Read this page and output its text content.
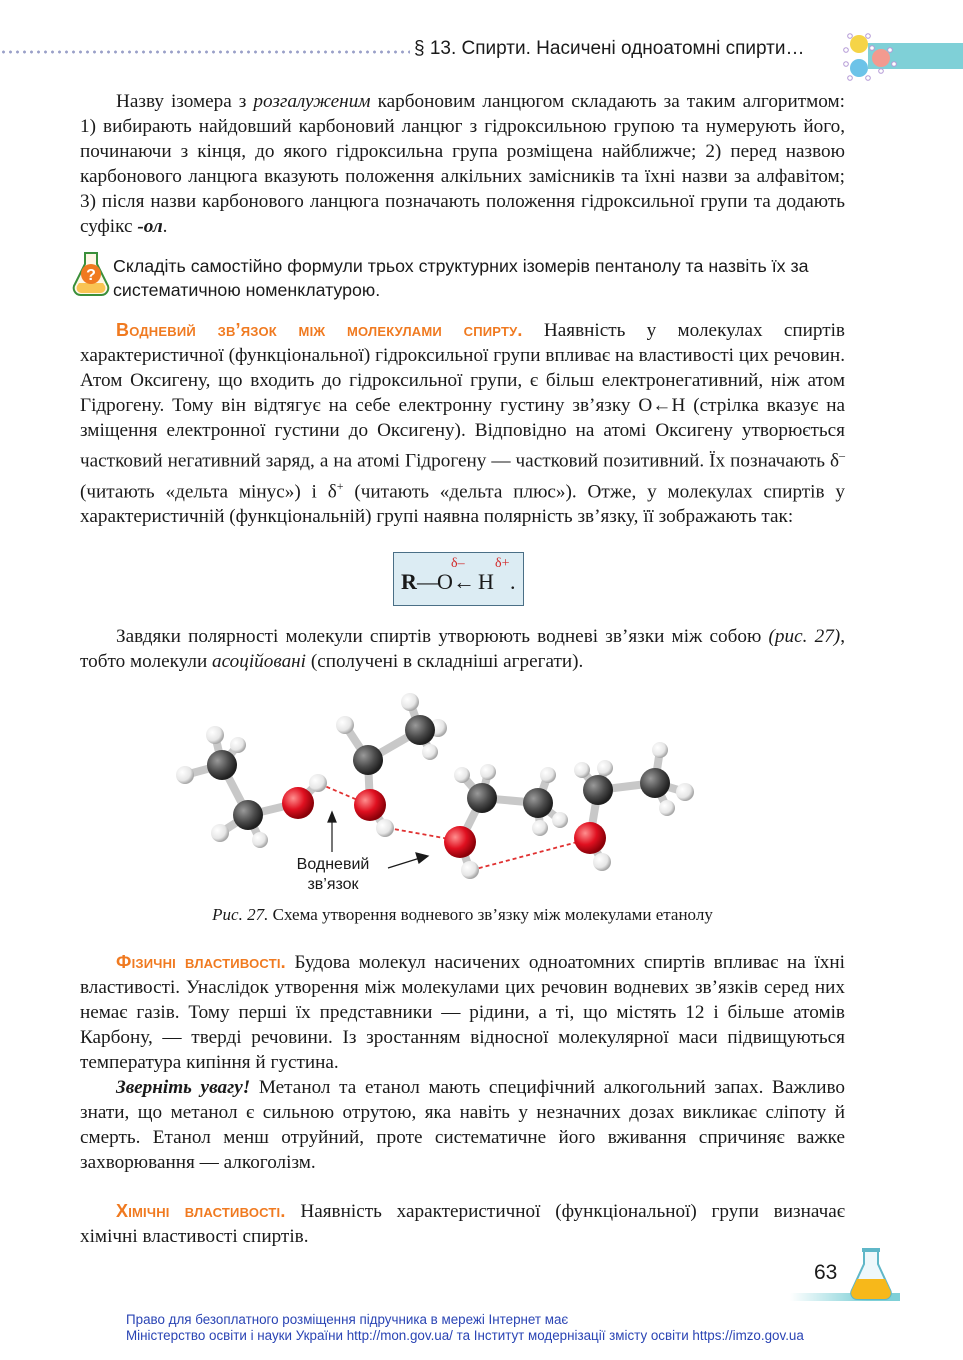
§ 13. Спирти. Насичені одноатомні спирти…

Назву ізомера з розгалуженим карбоновим ланцюгом складають за таким алгоритмом: 1) вибирають найдовший карбоновий ланцюг з гідроксильною групою та нумерують його, починаючи з кінця, до якого гідроксильна група розміщена найближче; 2) перед назвою карбонового ланцюга вказують положення алкільних замісників та їхні назви за алфавітом; 3) після назви карбонового ланцюга позначають положення гідроксильної групи та додають суфікс -ол.

? Складіть самостійно формули трьох структурних ізомерів пентанолу та назвіть їх за систематичною номенклатурою.

Водневий зв’язок між молекулами спирту. Наявність у молекулах спиртів характеристичної (функціональної) гідроксильної групи впливає на властивості цих речовин. Атом Оксигену, що входить до гідроксильної групи, є більш електронегативний, ніж атом Гідрогену. Тому він відтягує на себе електронну густину зв’язку O←H (стрілка вказує на зміщення електронної густини до Оксигену). Відповідно на атомі Оксигену утворюється частковий негативний заряд, а на атомі Гідрогену — частковий позитивний. Їх позначають δ– (читають «дельта мінус») і δ+ (читають «дельта плюс»). Отже, у молекулах спиртів у характеристичній (функціональній) групі наявна полярність зв’язку, її зображають так:

R —
O ← H .
δ– δ+

Завдяки полярності молекули спиртів утворюють водневі зв’язки між собою (рис. 27), тобто молекули асоційовані (сполучені в складніші агрегати).

Водневий
зв’язок

Рис. 27. Схема утворення водневого зв’язку між молекулами етанолу

Фізичні властивості. Будова молекул насичених одноатомних спиртів впливає на їхні властивості. Унаслідок утворення між молекулами цих речовин водневих зв’язків серед них немає газів. Тому перші їх представники — рідини, а ті, що містять 12 і більше атомів Карбону, — тверді речовини. Із зростанням відносної молекулярної маси підвищуються температура кипіння й густина.

Зверніть увагу! Метанол та етанол мають специфічний алкогольний запах. Важливо знати, що метанол є сильною отрутою, яка навіть у незначних дозах викликає сліпоту й смерть. Етанол менш отруйний, проте систематичне його вживання спричиняє важке захворювання — алкоголізм.

Хімічні властивості. Наявність характеристичної (функціональної) групи визначає хімічні властивості спиртів.

63

Право для безоплатного розміщення підручника в мережі Інтернет має

Міністерство освіти і науки України http://mon.gov.ua/ та Інститут модернізації змісту освіти https://imzo.gov.ua
